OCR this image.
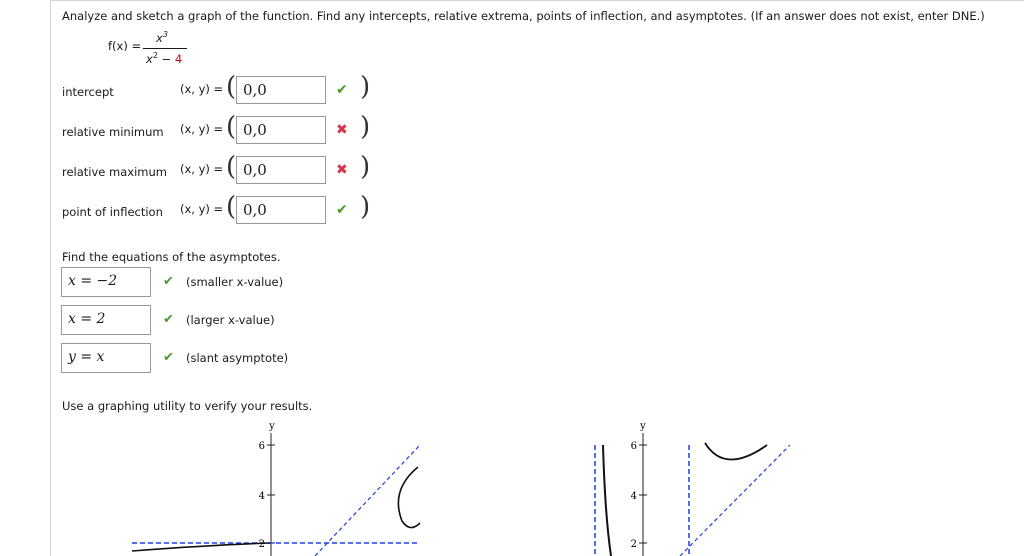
Analyze and sketch a graph of the function. Find any intercepts, relative extrema, points of inflection, and asymptotes. (If an answer does not exist, enter DNE.)
f(x) =
$x^3$
$x^2 - 4$
intercept	(x, y) = ( 0,0	✔ )
relative minimum (x, y) = ( 0,0	✖ )
relative maximum (x, y) = ( 0,0	✖ )
point of inflection (x, y) = ( 0,0	✔ )
Find the equations of the asymptotes.
x = −2	✔ (smaller x-value)
x = 2	✔ (larger x-value)
y = x	✔ (slant asymptote)
Use a graphing utility to verify your results.
y
6
4
2
y
6
4
2
